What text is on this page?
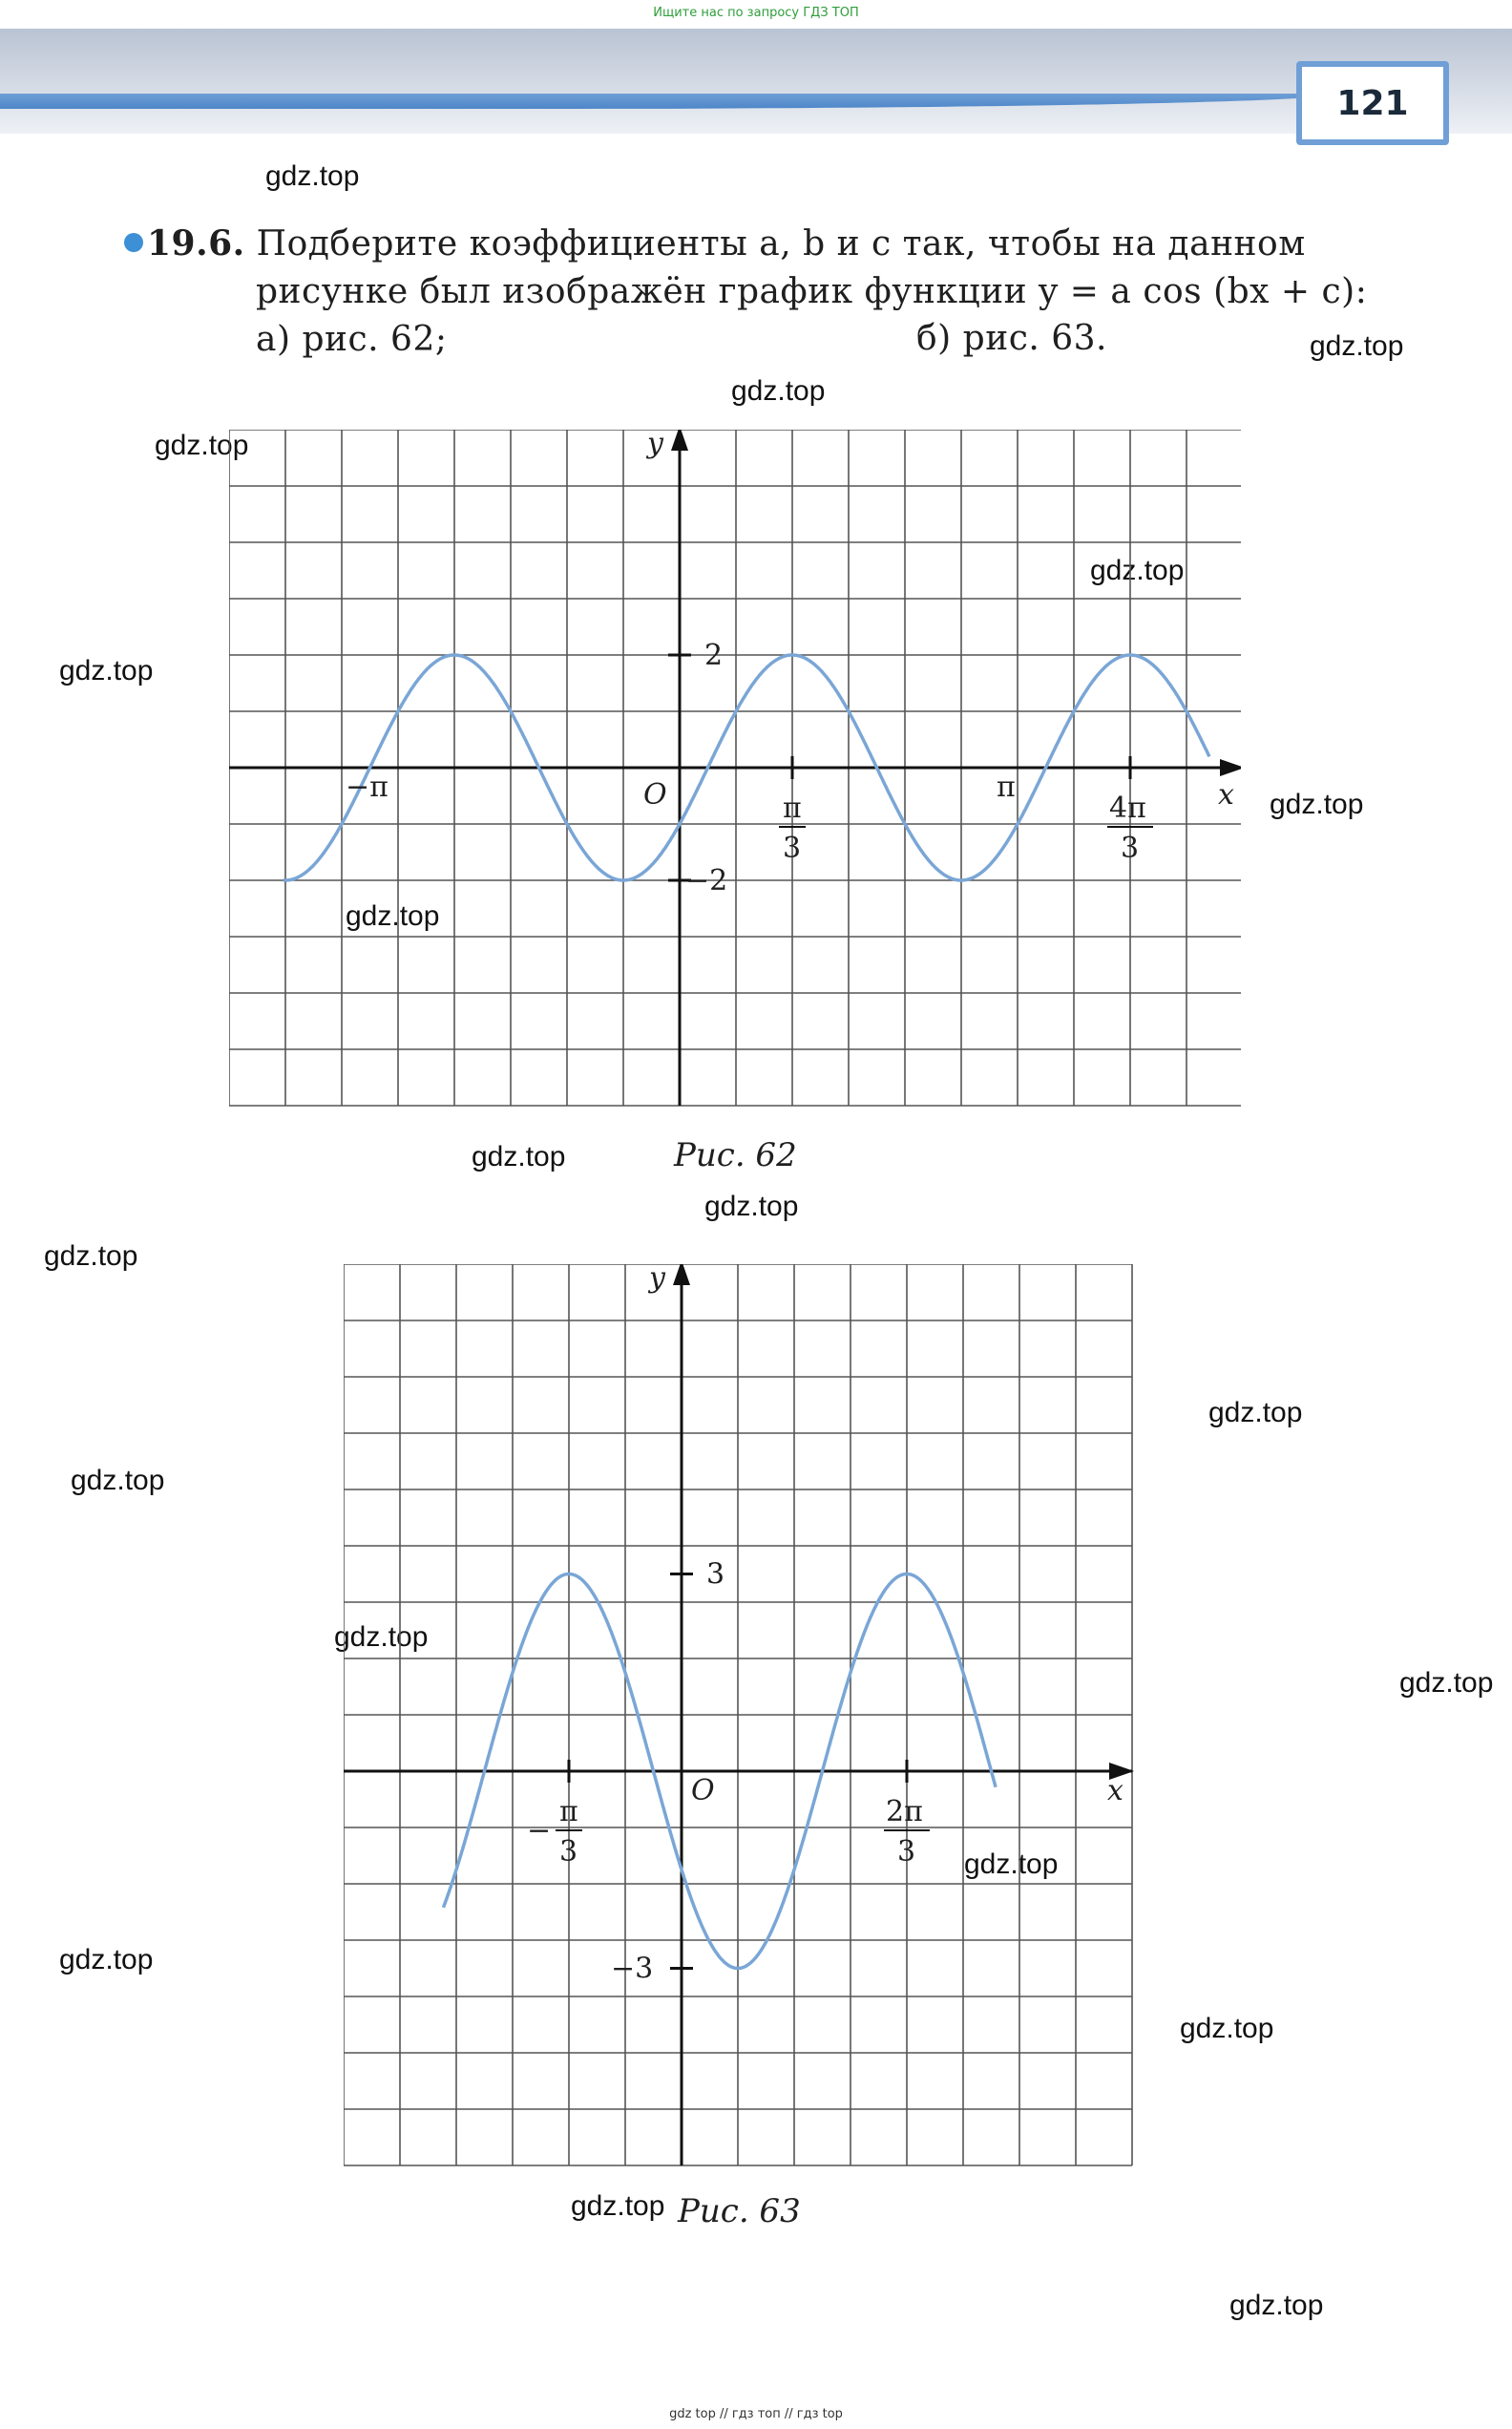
Ищите нас по запросу ГДЗ ТОП
121
gdz.top
gdz.top
gdz.top
gdz.top
gdz.top
gdz.top
gdz.top
gdz.top
gdz.top
gdz.top
gdz.top
gdz.top
gdz.top
gdz.top
gdz.top
gdz.top
gdz.top
gdz.top
gdz.top
gdz.top
19.6. Подберите коэффициенты a, b и c так, чтобы на данном
рисунке был изображён график функции y = a cos (bx + c):
а) рис. 62;	б) рис. 63.
y
x
O
2
−2
−π
π
3
π
4π
3
Рис. 62
y
x
O
3
−3
π
−
3
2π
3
Рис. 63
gdz top // гдз топ // гдз top
